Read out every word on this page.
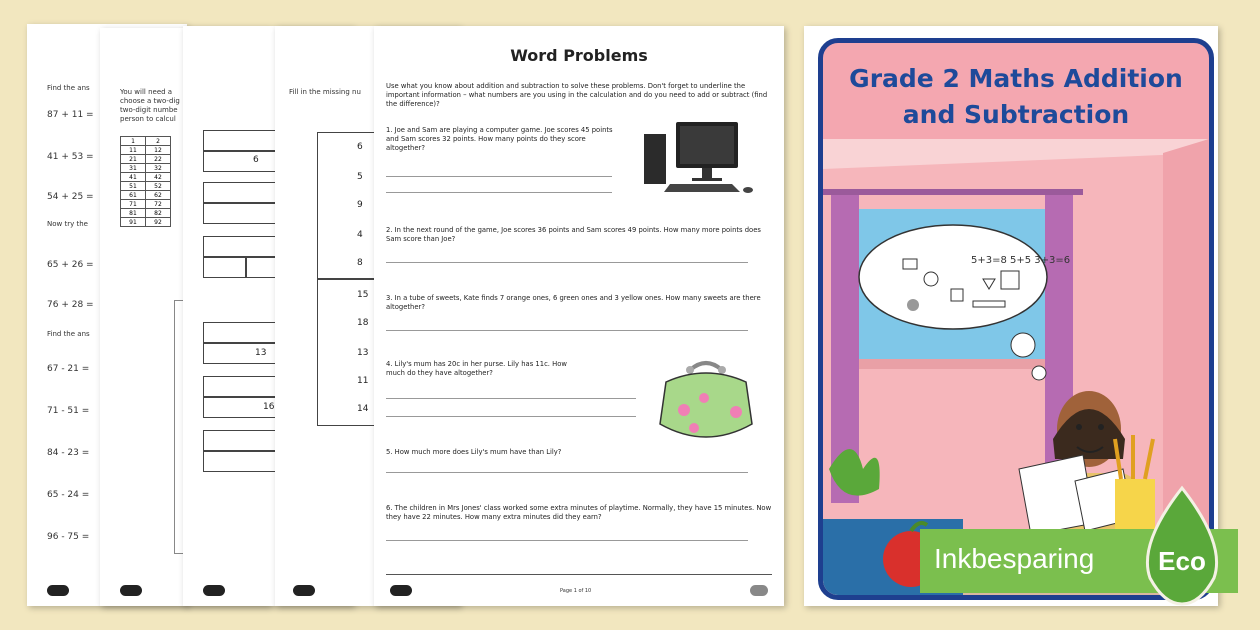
Find the ans
87 + 11 =
41 + 53 =
54 + 25 =
Now try the
65 + 26 =
76 + 28 =
Find the ans
67 - 21 =
71 - 51 =
84 - 23 =
65 - 24 =
96 - 75 =
You will need a
choose a two-dig
two-digit numbe
person to calcul
1	2
11	12
21	22
31	32
41	42
51	52
61	62
71	72
81	82
91	92
6
13
16
Fill in the missing nu
6
5
9
4
8
15
18
13
11
14
Word Problems
Use what you know about addition and subtraction to solve these problems. Don't forget to underline the important information – what numbers are you using in the calculation and do you need to add or subtract (find the difference)?
1. Joe and Sam are playing a computer game. Joe scores 45 points and Sam scores 32 points. How many points do they score altogether?
2. In the next round of the game, Joe scores 36 points and Sam scores 49 points. How many more points does Sam score than Joe?
3. In a tube of sweets, Kate finds 7 orange ones, 6 green ones and 3 yellow ones. How many sweets are there altogether?
4. Lily's mum has 20c in her purse. Lily has 11c. How much do they have altogether?
5. How much more does Lily's mum have than Lily?
6. The children in Mrs Jones' class worked some extra minutes of playtime. Normally, they have 15 minutes. Now they have 22 minutes. How many extra minutes did they earn?
Page 1 of 10
Grade 2 Maths Addition
and Subtraction
5+3=8 5+5 3+3=6
Inkbesparing Eco
